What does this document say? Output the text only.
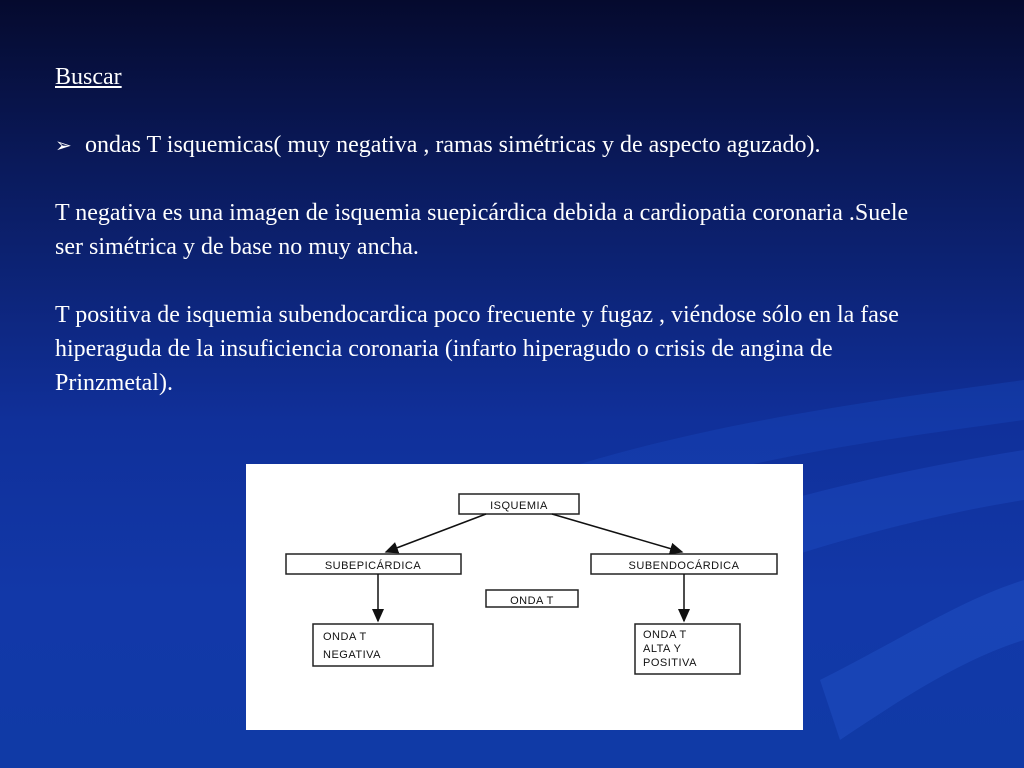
Buscar

➢ ondas T isquemicas( muy negativa , ramas simétricas y de aspecto aguzado).

T negativa es una imagen de isquemia suepicárdica debida a cardiopatia coronaria .Suele ser simétrica y de base no muy ancha.

T positiva de isquemia subendocardica poco frecuente y fugaz , viéndose sólo en la fase hiperaguda de la insuficiencia coronaria (infarto hiperagudo o crisis de angina de Prinzmetal).

ISQUEMIA
SUBEPICÁRDICA	SUBENDOCÁRDICA
ONDA T
ONDA T
NEGATIVA
ONDA T
ALTA Y
POSITIVA
